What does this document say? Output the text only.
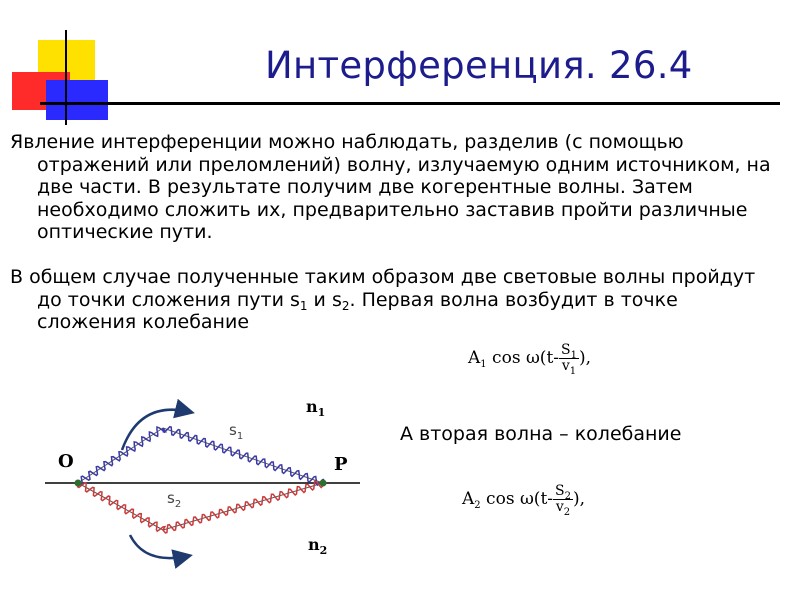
Интерференция. 26.4
Явление интерференции можно наблюдать, разделив (с помощью
отражений или преломлений) волну, излучаемую одним источником, на
две части. В результате получим две когерентные волны. Затем
необходимо сложить их, предварительно заставив пройти различные
оптические пути.
В общем случае полученные таким образом две световые волны пройдут
до точки сложения пути $s_1$ и $s_2$. Первая волна возбудит в точке
сложения колебание
$A_1$ $\cos \omega(t- \frac{S_1}{v_1}$ ),
А вторая волна – колебание
$A_2$ $\cos \omega(t- \frac{S_2}{v_2}$ ),
O	P
$n_1$
$n_2$
$s_1$
$s_2$
